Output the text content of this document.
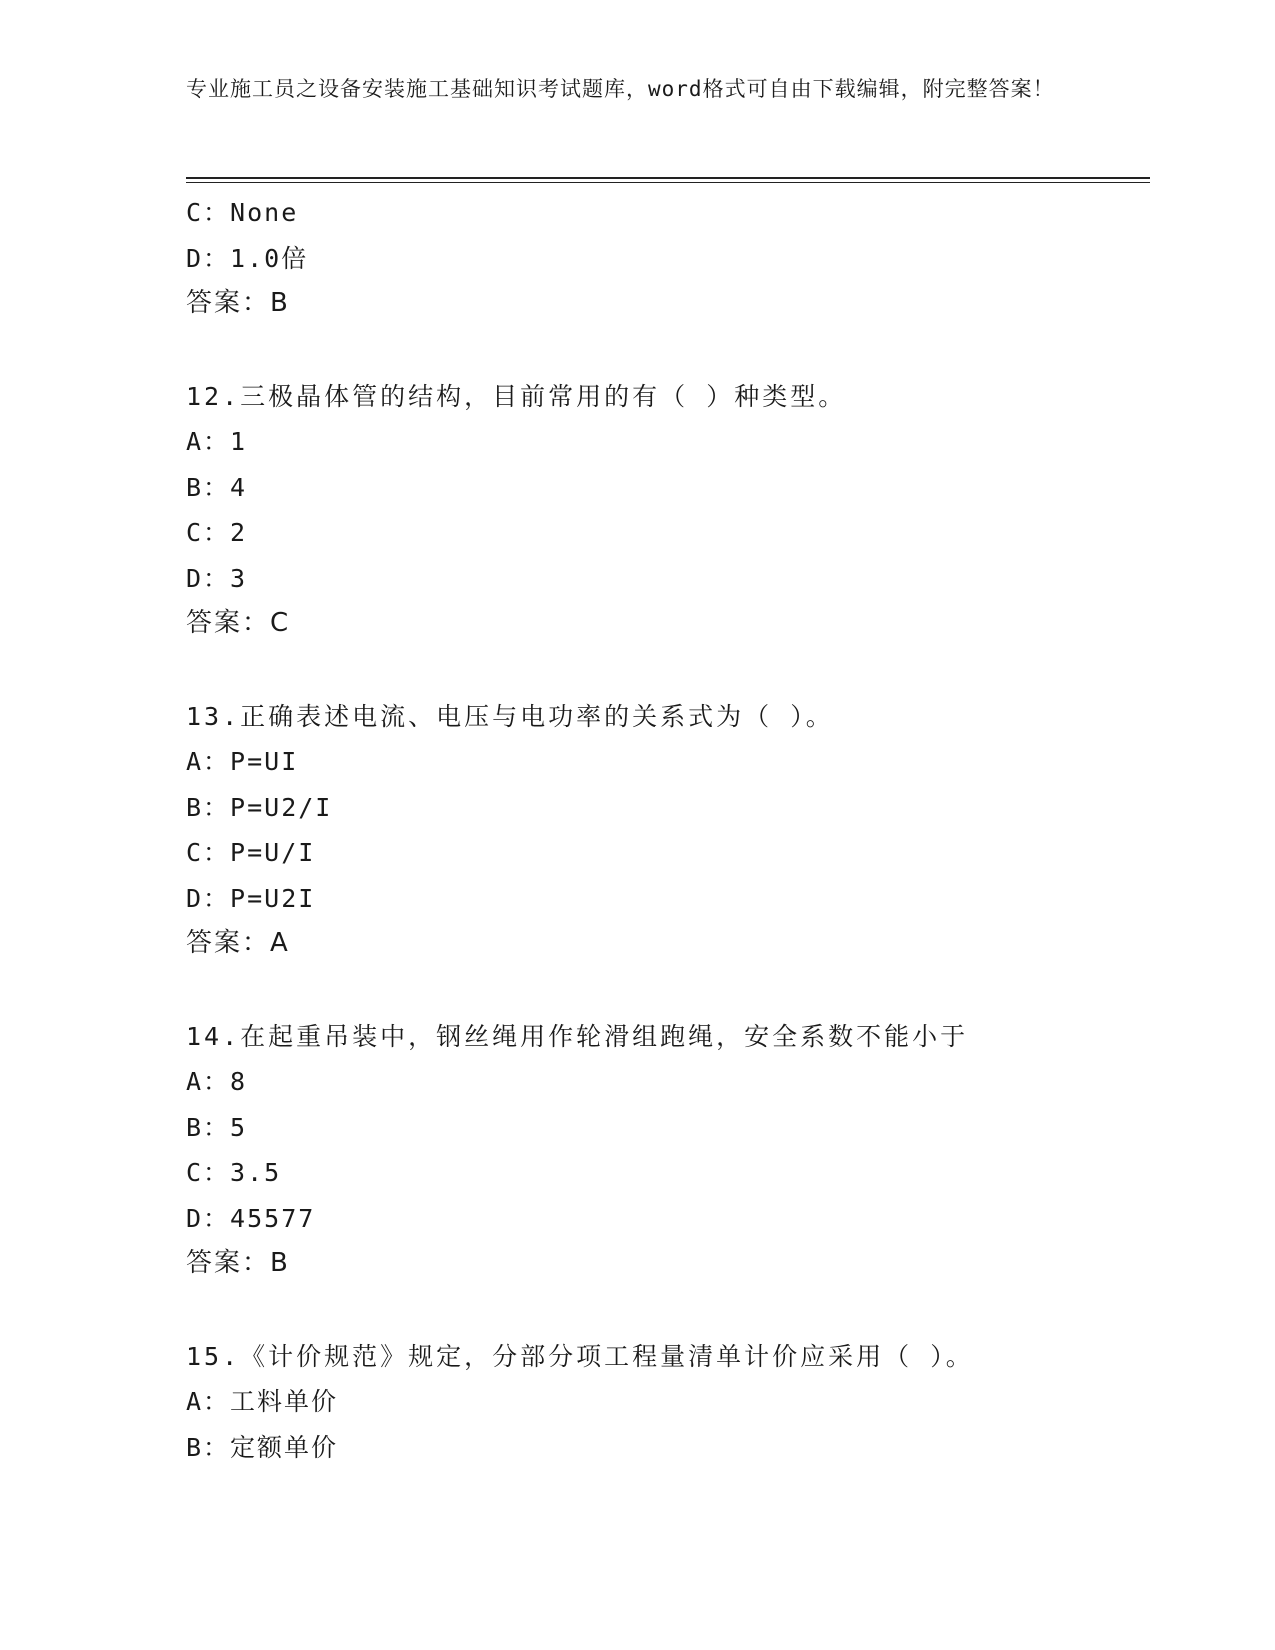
专业施工员之设备安装施工基础知识考试题库，word格式可自由下载编辑，附完整答案！
C：None
D：1.0倍
答案：B
12.三极晶体管的结构，目前常用的有（ ）种类型。
A：1
B：4
C：2
D：3
答案：C
13.正确表述电流、电压与电功率的关系式为（ ）。
A：P=UI
B：P=U2/I
C：P=U/I
D：P=U2I
答案：A
14.在起重吊装中，钢丝绳用作轮滑组跑绳，安全系数不能小于
A：8
B：5
C：3.5
D：45577
答案：B
15.《计价规范》规定，分部分项工程量清单计价应采用（ ）。
A：工料单价
B：定额单价
